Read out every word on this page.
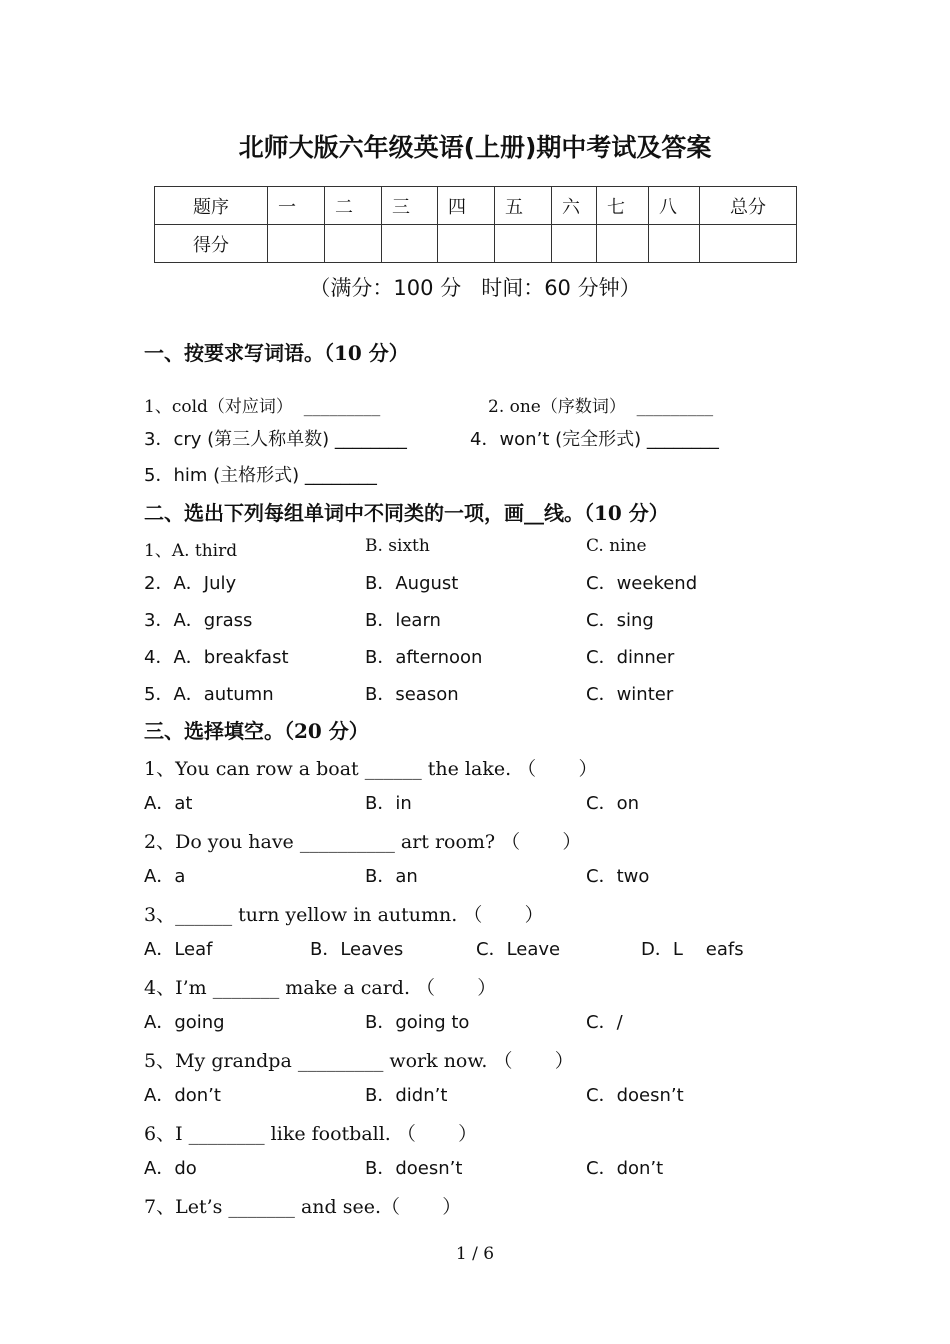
北师大版六年级英语(上册)期中考试及答案
题序	一	二	三	四	五	六	七	八	总分
得分									
（满分：100 分   时间：60 分钟）
一、按要求写词语。（10 分）
1、cold（对应词）  _________	2. one（序数词）  _________
3．cry (第三人称单数) ________	4．won’t (完全形式) ________
5．him (主格形式) ________
二、选出下列每组单词中不同类的一项，画__线。（10 分）
1、A. third	B. sixth	C. nine
2．A．July	B．August	C．weekend
3．A．grass	B．learn	C．sing
4．A．breakfast	B．afternoon	C．dinner
5．A．autumn	B．season	C．winter
三、选择填空。（20 分）
1、You can row a boat ______ the lake. （       ）
A．at	B．in	C．on
2、Do you have __________ art room? （       ）
A．a	B．an	C．two
3、______ turn yellow in autumn. （       ）
A．Leaf	B．Leaves	C．Leave	D．L    eafs
4、I’m _______ make a card. （       ）
A．going	B．going to	C．/
5、My grandpa _________ work now. （       ）
A．don’t	B．didn’t	C．doesn’t
6、I ________ like football. （       ）
A．do	B．doesn’t	C．don’t
7、Let’s _______ and see.（       ）
1 / 6
